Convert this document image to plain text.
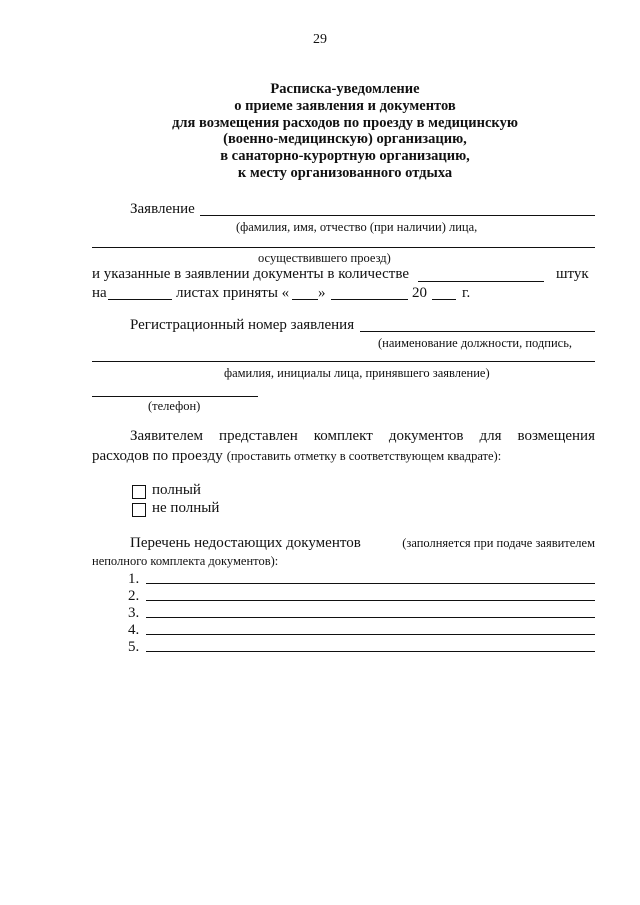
29
Расписка-уведомление
о приеме заявления и документов
для возмещения расходов по проезду в медицинскую
(военно-медицинскую) организацию,
в санаторно-курортную организацию,
к месту организованного отдыха
Заявление
(фамилия, имя, отчество (при наличии) лица,
осуществившего проезд)
и указанные в заявлении документы в количестве	штук
на	листах приняты « »	20 г.
Регистрационный номер заявления
(наименование должности, подпись,
фамилия, инициалы лица, принявшего заявление)
(телефон)
Заявителем представлен комплект документов для возмещения
расходов по проезду (проставить отметку в соответствующем квадрате):
полный
не полный
Перечень недостающих документов	(заполняется при подаче заявителем
неполного комплекта документов):
1.
2.
3.
4.
5.
